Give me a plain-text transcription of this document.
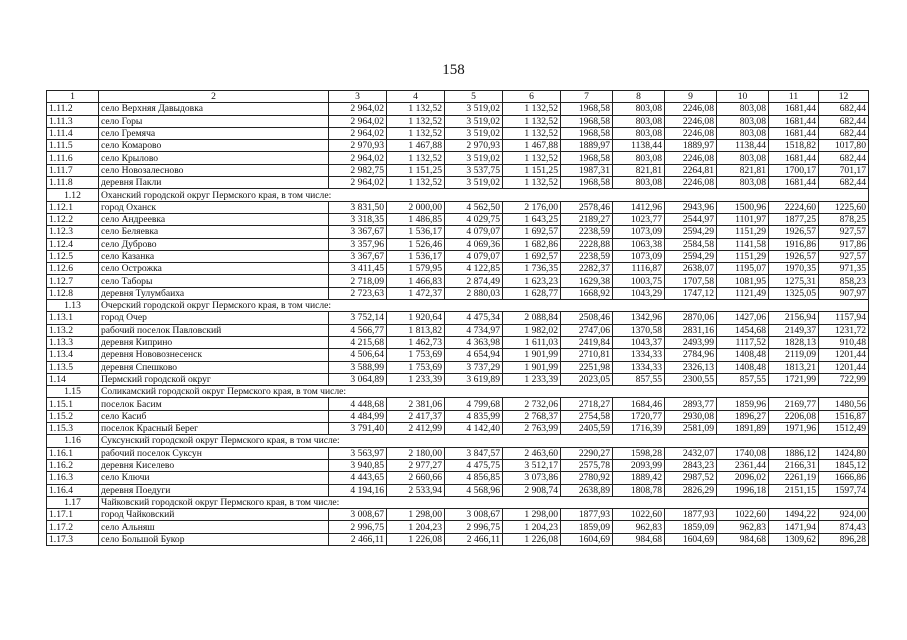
158
1	2	3	4	5	6	7	8	9	10	11	12
1.11.2	село Верхняя Давыдовка	2 964,02	1 132,52	3 519,02	1 132,52	1968,58	803,08	2246,08	803,08	1681,44	682,44
1.11.3	село Горы	2 964,02	1 132,52	3 519,02	1 132,52	1968,58	803,08	2246,08	803,08	1681,44	682,44
1.11.4	село Гремяча	2 964,02	1 132,52	3 519,02	1 132,52	1968,58	803,08	2246,08	803,08	1681,44	682,44
1.11.5	село Комарово	2 970,93	1 467,88	2 970,93	1 467,88	1889,97	1138,44	1889,97	1138,44	1518,82	1017,80
1.11.6	село Крылово	2 964,02	1 132,52	3 519,02	1 132,52	1968,58	803,08	2246,08	803,08	1681,44	682,44
1.11.7	село Новозалесново	2 982,75	1 151,25	3 537,75	1 151,25	1987,31	821,81	2264,81	821,81	1700,17	701,17
1.11.8	деревня Пакли	2 964,02	1 132,52	3 519,02	1 132,52	1968,58	803,08	2246,08	803,08	1681,44	682,44
1.12	Оханский городской округ Пермского края, в том числе:										
1.12.1	город Оханск	3 831,50	2 000,00	4 562,50	2 176,00	2578,46	1412,96	2943,96	1500,96	2224,60	1225,60
1.12.2	село Андреевка	3 318,35	1 486,85	4 029,75	1 643,25	2189,27	1023,77	2544,97	1101,97	1877,25	878,25
1.12.3	село Беляевка	3 367,67	1 536,17	4 079,07	1 692,57	2238,59	1073,09	2594,29	1151,29	1926,57	927,57
1.12.4	село Дуброво	3 357,96	1 526,46	4 069,36	1 682,86	2228,88	1063,38	2584,58	1141,58	1916,86	917,86
1.12.5	село Казанка	3 367,67	1 536,17	4 079,07	1 692,57	2238,59	1073,09	2594,29	1151,29	1926,57	927,57
1.12.6	село Острожка	3 411,45	1 579,95	4 122,85	1 736,35	2282,37	1116,87	2638,07	1195,07	1970,35	971,35
1.12.7	село Таборы	2 718,09	1 466,83	2 874,49	1 623,23	1629,38	1003,75	1707,58	1081,95	1275,31	858,23
1.12.8	деревня Тулумбаиха	2 723,63	1 472,37	2 880,03	1 628,77	1668,92	1043,29	1747,12	1121,49	1325,05	907,97
1.13	Очерский городской округ Пермского края, в том числе:										
1.13.1	город Очер	3 752,14	1 920,64	4 475,34	2 088,84	2508,46	1342,96	2870,06	1427,06	2156,94	1157,94
1.13.2	рабочий поселок Павловский	4 566,77	1 813,82	4 734,97	1 982,02	2747,06	1370,58	2831,16	1454,68	2149,37	1231,72
1.13.3	деревня Киприно	4 215,68	1 462,73	4 363,98	1 611,03	2419,84	1043,37	2493,99	1117,52	1828,13	910,48
1.13.4	деревня Нововознесенск	4 506,64	1 753,69	4 654,94	1 901,99	2710,81	1334,33	2784,96	1408,48	2119,09	1201,44
1.13.5	деревня Спешково	3 588,99	1 753,69	3 737,29	1 901,99	2251,98	1334,33	2326,13	1408,48	1813,21	1201,44
1.14	Пермский городской округ	3 064,89	1 233,39	3 619,89	1 233,39	2023,05	857,55	2300,55	857,55	1721,99	722,99
1.15	Соликамский городской округ Пермского края, в том числе:										
1.15.1	поселок Басим	4 448,68	2 381,06	4 799,68	2 732,06	2718,27	1684,46	2893,77	1859,96	2169,77	1480,56
1.15.2	село Касиб	4 484,99	2 417,37	4 835,99	2 768,37	2754,58	1720,77	2930,08	1896,27	2206,08	1516,87
1.15.3	поселок Красный Берег	3 791,40	2 412,99	4 142,40	2 763,99	2405,59	1716,39	2581,09	1891,89	1971,96	1512,49
1.16	Суксунский городской округ Пермского края, в том числе:										
1.16.1	рабочий поселок Суксун	3 563,97	2 180,00	3 847,57	2 463,60	2290,27	1598,28	2432,07	1740,08	1886,12	1424,80
1.16.2	деревня Киселево	3 940,85	2 977,27	4 475,75	3 512,17	2575,78	2093,99	2843,23	2361,44	2166,31	1845,12
1.16.3	село Ключи	4 443,65	2 660,66	4 856,85	3 073,86	2780,92	1889,42	2987,52	2096,02	2261,19	1666,86
1.16.4	деревня Поедуги	4 194,16	2 533,94	4 568,96	2 908,74	2638,89	1808,78	2826,29	1996,18	2151,15	1597,74
1.17	Чайковский городской округ Пермского края, в том числе:										
1.17.1	город Чайковский	3 008,67	1 298,00	3 008,67	1 298,00	1877,93	1022,60	1877,93	1022,60	1494,22	924,00
1.17.2	село Альняш	2 996,75	1 204,23	2 996,75	1 204,23	1859,09	962,83	1859,09	962,83	1471,94	874,43
1.17.3	село Большой Букор	2 466,11	1 226,08	2 466,11	1 226,08	1604,69	984,68	1604,69	984,68	1309,62	896,28
